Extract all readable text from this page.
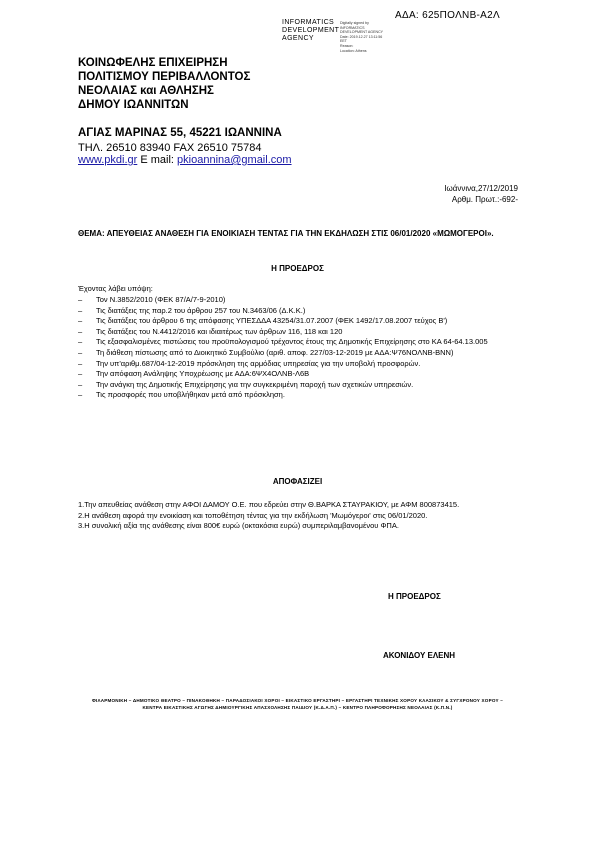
ΑΔΑ: 625ΠΟΛΝΒ-Α2Λ
INFORMATICS
DEVELOPMENT
AGENCY
Digitally signed by
INFORMATICS
DEVELOPMENT AGENCY
Date: 2019.12.27 13:11:56
EET
Reason:
Location: Athens
ΚΟΙΝΩΦΕΛΗΣ ΕΠΙΧΕΙΡΗΣΗ
ΠΟΛΙΤΙΣΜΟΥ ΠΕΡΙΒΑΛΛΟΝΤΟΣ
ΝΕΟΛΑΙΑΣ και ΑΘΛΗΣΗΣ
ΔΗΜΟΥ ΙΩΑΝΝΙΤΩΝ
ΑΓΙΑΣ ΜΑΡΙΝΑΣ 55, 45221 ΙΩΑΝΝΙΝΑ
ΤΗΛ. 26510 83940 FAX 26510 75784
www.pkdi.gr E mail: pkioannina@gmail.com
Ιωάννινα,27/12/2019
Αρθμ. Πρωτ.:-692-
ΘΕΜΑ: ΑΠΕΥΘΕΙΑΣ ΑΝΑΘΕΣΗ ΓΙΑ ΕΝΟΙΚΙΑΣΗ ΤΕΝΤΑΣ ΓΙΑ ΤΗΝ ΕΚΔΗΛΩΣΗ ΣΤΙΣ 06/01/2020 «ΜΩΜΟΓΕΡΟΙ».
Η ΠΡΟΕΔΡΟΣ
Έχοντας λάβει υπόψη:
– Τον Ν.3852/2010 (ΦΕΚ 87/Α/7-9-2010)
– Τις διατάξεις της παρ.2 του άρθρου 257 του Ν.3463/06 (Δ.Κ.Κ.)
– Τις διατάξεις του άρθρου 6 της απόφασης ΥΠΕΣΔΔΑ 43254/31.07.2007 (ΦΕΚ 1492/17.08.2007 τεύχος Β')
– Τις διατάξεις του Ν.4412/2016 και ιδιαιτέρως των άρθρων 116, 118 και 120
– Τις εξασφαλισμένες πιστώσεις του προϋπολογισμού τρέχοντος έτους της Δημοτικής Επιχείρησης στο ΚΑ 64-64.13.005
– Τη διάθεση πίστωσης από το Διοικητικό Συμβούλιο (αριθ. αποφ. 227/03-12-2019 με ΑΔΑ:Ψ76ΝΟΛΝΒ-ΒΝΝ)
– Την υπ'αριθμ.687/04-12-2019 πρόσκληση της αρμόδιας υπηρεσίας για την υποβολή προσφορών.
– Την απόφαση Ανάληψης Υποχρέωσης με ΑΔΑ:6ΨΧ4ΟΛΝΒ-Λ6Β
– Την ανάγκη της Δημοτικής Επιχείρησης για την συγκεκριμένη παροχή των σχετικών υπηρεσιών.
– Τις προσφορές που υποβλήθηκαν μετά από πρόσκληση.
ΑΠΟΦΑΣΙΖΕΙ
1.Την απευθείας ανάθεση στην ΑΦΟΙ ΔΑΜΟΥ Ο.Ε. που εδρεύει στην Θ.ΒΑΡΚΑ ΣΤΑΥΡΑΚΙΟΥ, με ΑΦΜ 800873415.
2.Η ανάθεση αφορά την ενοικίαση και τοποθέτηση τέντας για την εκδήλωση 'Μωμόγεροι' στις 06/01/2020.
3.Η συνολική αξία της ανάθεσης είναι 800€ ευρώ (οκτακόσια ευρώ) συμπεριλαμβανομένου ΦΠΑ.
Η ΠΡΟΕΔΡΟΣ
ΑΚΟΝΙΔΟΥ ΕΛΕΝΗ
ΦΙΛΑΡΜΟΝΙΚΗ – ΔΗΜΟΤΙΚΟ ΘΕΑΤΡΟ – ΠΙΝΑΚΟΘΗΚΗ – ΠΑΡΑΔΟΣΙΑΚΟΙ ΧΟΡΟΙ – ΕΙΚΑΣΤΙΚΟ ΕΡΓΑΣΤΗΡΙ – ΕΡΓΑΣΤΗΡΙ ΤΕΧΝΙΚΗΣ ΧΟΡΟΥ ΚΛΑΣΙΚΟΥ & ΣΥΓΧΡΟΝΟΥ ΧΟΡΟΥ –
ΚΕΝΤΡΑ ΕΙΚΑΣΤΙΚΗΣ ΑΓΩΓΗΣ ΔΗΜΙΟΥΡΓΙΚΗΣ ΑΠΑΣΧΟΛΗΣΗΣ ΠΑΙΔΙΟΥ (Κ.Δ.Α.Π.) – ΚΕΝΤΡΟ ΠΛΗΡΟΦΟΡΗΣΗΣ ΝΕΟΛΑΙΑΣ (Κ.Π.Ν.)
